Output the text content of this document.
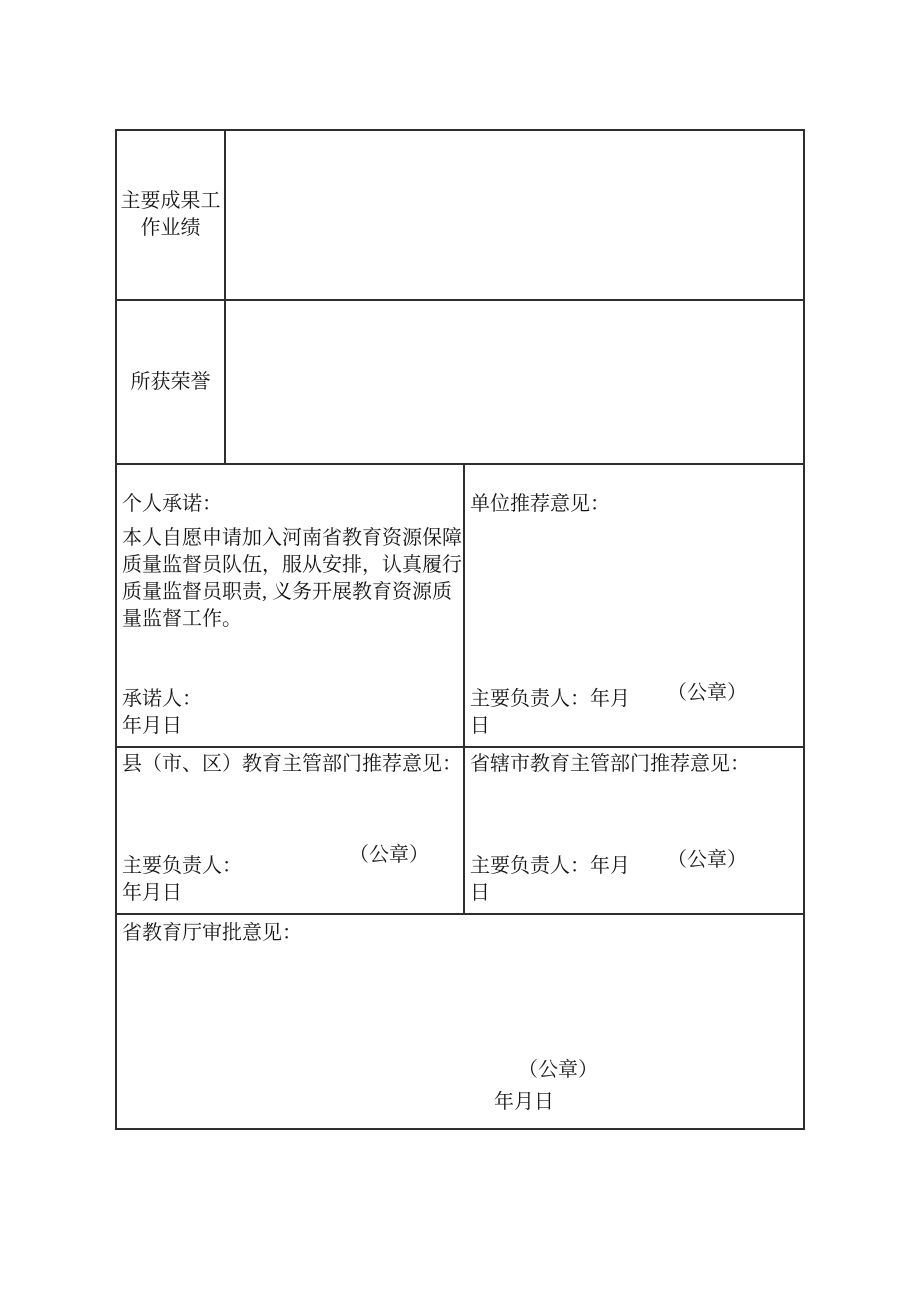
主要成果工作业绩
所获荣誉
个人承诺：
本人自愿申请加入河南省教育资源保障
质量监督员队伍，服从安排，认真履行
质量监督员职责, 义务开展教育资源质
量监督工作。
承诺人：
年月日
单位推荐意见：
主要负责人：年月 （公章）
日
县（市、区）教育主管部门推荐意见：
主要负责人：	（公章）
年月日
省辖市教育主管部门推荐意见：
主要负责人：年月 （公章）
日
省教育厅审批意见：
（公章）
年月日
